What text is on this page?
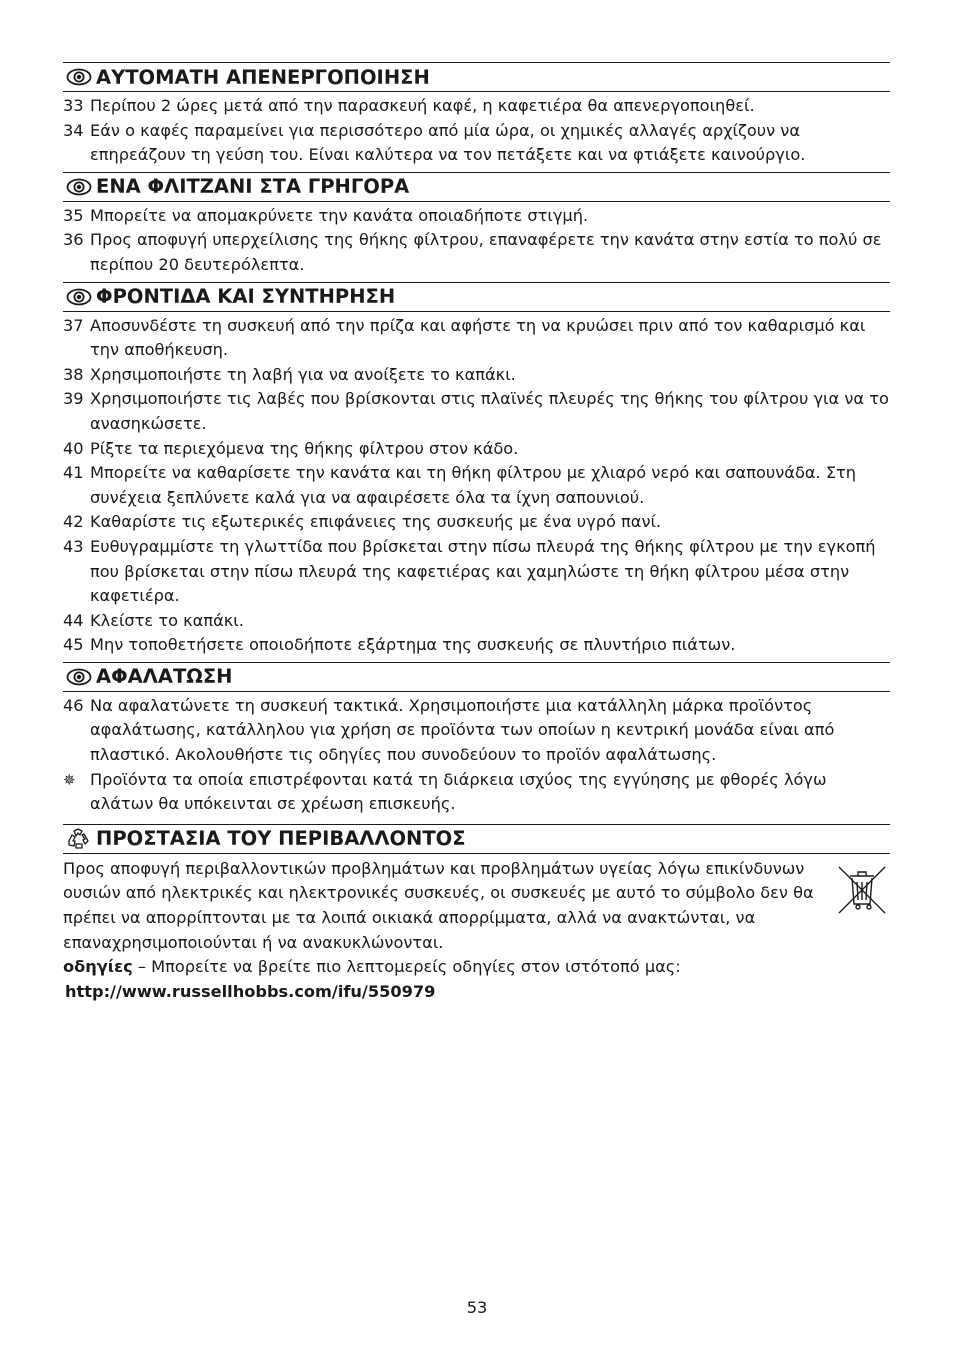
ΑΥΤΟΜΑΤΗ ΑΠΕΝΕΡΓΟΠΟΙΗΣΗ
33 Περίπου 2 ώρες μετά από την παρασκευή καφέ, η καφετιέρα θα απενεργοποιηθεί.
34 Εάν ο καφές παραμείνει για περισσότερο από μία ώρα, οι χημικές αλλαγές αρχίζουν να επηρεάζουν τη γεύση του. Είναι καλύτερα να τον πετάξετε και να φτιάξετε καινούργιο.
ΕΝΑ ΦΛΙΤΖΑΝΙ ΣΤΑ ΓΡΗΓΟΡΑ
35 Μπορείτε να απομακρύνετε την κανάτα οποιαδήποτε στιγμή.
36 Προς αποφυγή υπερχείλισης της θήκης φίλτρου, επαναφέρετε την κανάτα στην εστία το πολύ σε περίπου 20 δευτερόλεπτα.
ΦΡΟΝΤΙΔΑ ΚΑΙ ΣΥΝΤΗΡΗΣΗ
37 Αποσυνδέστε τη συσκευή από την πρίζα και αφήστε τη να κρυώσει πριν από τον καθαρισμό και την αποθήκευση.
38 Χρησιμοποιήστε τη λαβή για να ανοίξετε το καπάκι.
39 Χρησιμοποιήστε τις λαβές που βρίσκονται στις πλαϊνές πλευρές της θήκης του φίλτρου για να το ανασηκώσετε.
40 Ρίξτε τα περιεχόμενα της θήκης φίλτρου στον κάδο.
41 Μπορείτε να καθαρίσετε την κανάτα και τη θήκη φίλτρου με χλιαρό νερό και σαπουνάδα. Στη συνέχεια ξεπλύνετε καλά για να αφαιρέσετε όλα τα ίχνη σαπουνιού.
42 Καθαρίστε τις εξωτερικές επιφάνειες της συσκευής με ένα υγρό πανί.
43 Ευθυγραμμίστε τη γλωττίδα που βρίσκεται στην πίσω πλευρά της θήκης φίλτρου με την εγκοπή που βρίσκεται στην πίσω πλευρά της καφετιέρας και χαμηλώστε τη θήκη φίλτρου μέσα στην καφετιέρα.
44 Κλείστε το καπάκι.
45 Μην τοποθετήσετε οποιοδήποτε εξάρτημα της συσκευής σε πλυντήριο πιάτων.
ΑΦΑΛΑΤΩΣΗ
46 Να αφαλατώνετε τη συσκευή τακτικά. Χρησιμοποιήστε μια κατάλληλη μάρκα προϊόντος αφαλάτωσης, κατάλληλου για χρήση σε προϊόντα των οποίων η κεντρική μονάδα είναι από πλαστικό. Ακολουθήστε τις οδηγίες που συνοδεύουν το προϊόν αφαλάτωσης.
✵ Προϊόντα τα οποία επιστρέφονται κατά τη διάρκεια ισχύος της εγγύησης με φθορές λόγω αλάτων θα υπόκεινται σε χρέωση επισκευής.
ΠΡΟΣΤΑΣΙΑ ΤΟΥ ΠΕΡΙΒΑΛΛΟΝΤΟΣ
Προς αποφυγή περιβαλλοντικών προβλημάτων και προβλημάτων υγείας λόγω επικίνδυνων ουσιών από ηλεκτρικές και ηλεκτρονικές συσκευές, οι συσκευές με αυτό το σύμβολο δεν θα πρέπει να απορρίπτονται με τα λοιπά οικιακά απορρίμματα, αλλά να ανακτώνται, να επαναχρησιμοποιούνται ή να ανακυκλώνονται.
οδηγίες – Μπορείτε να βρείτε πιο λεπτομερείς οδηγίες στον ιστότοπό μας:
http://www.russellhobbs.com/ifu/550979
53
